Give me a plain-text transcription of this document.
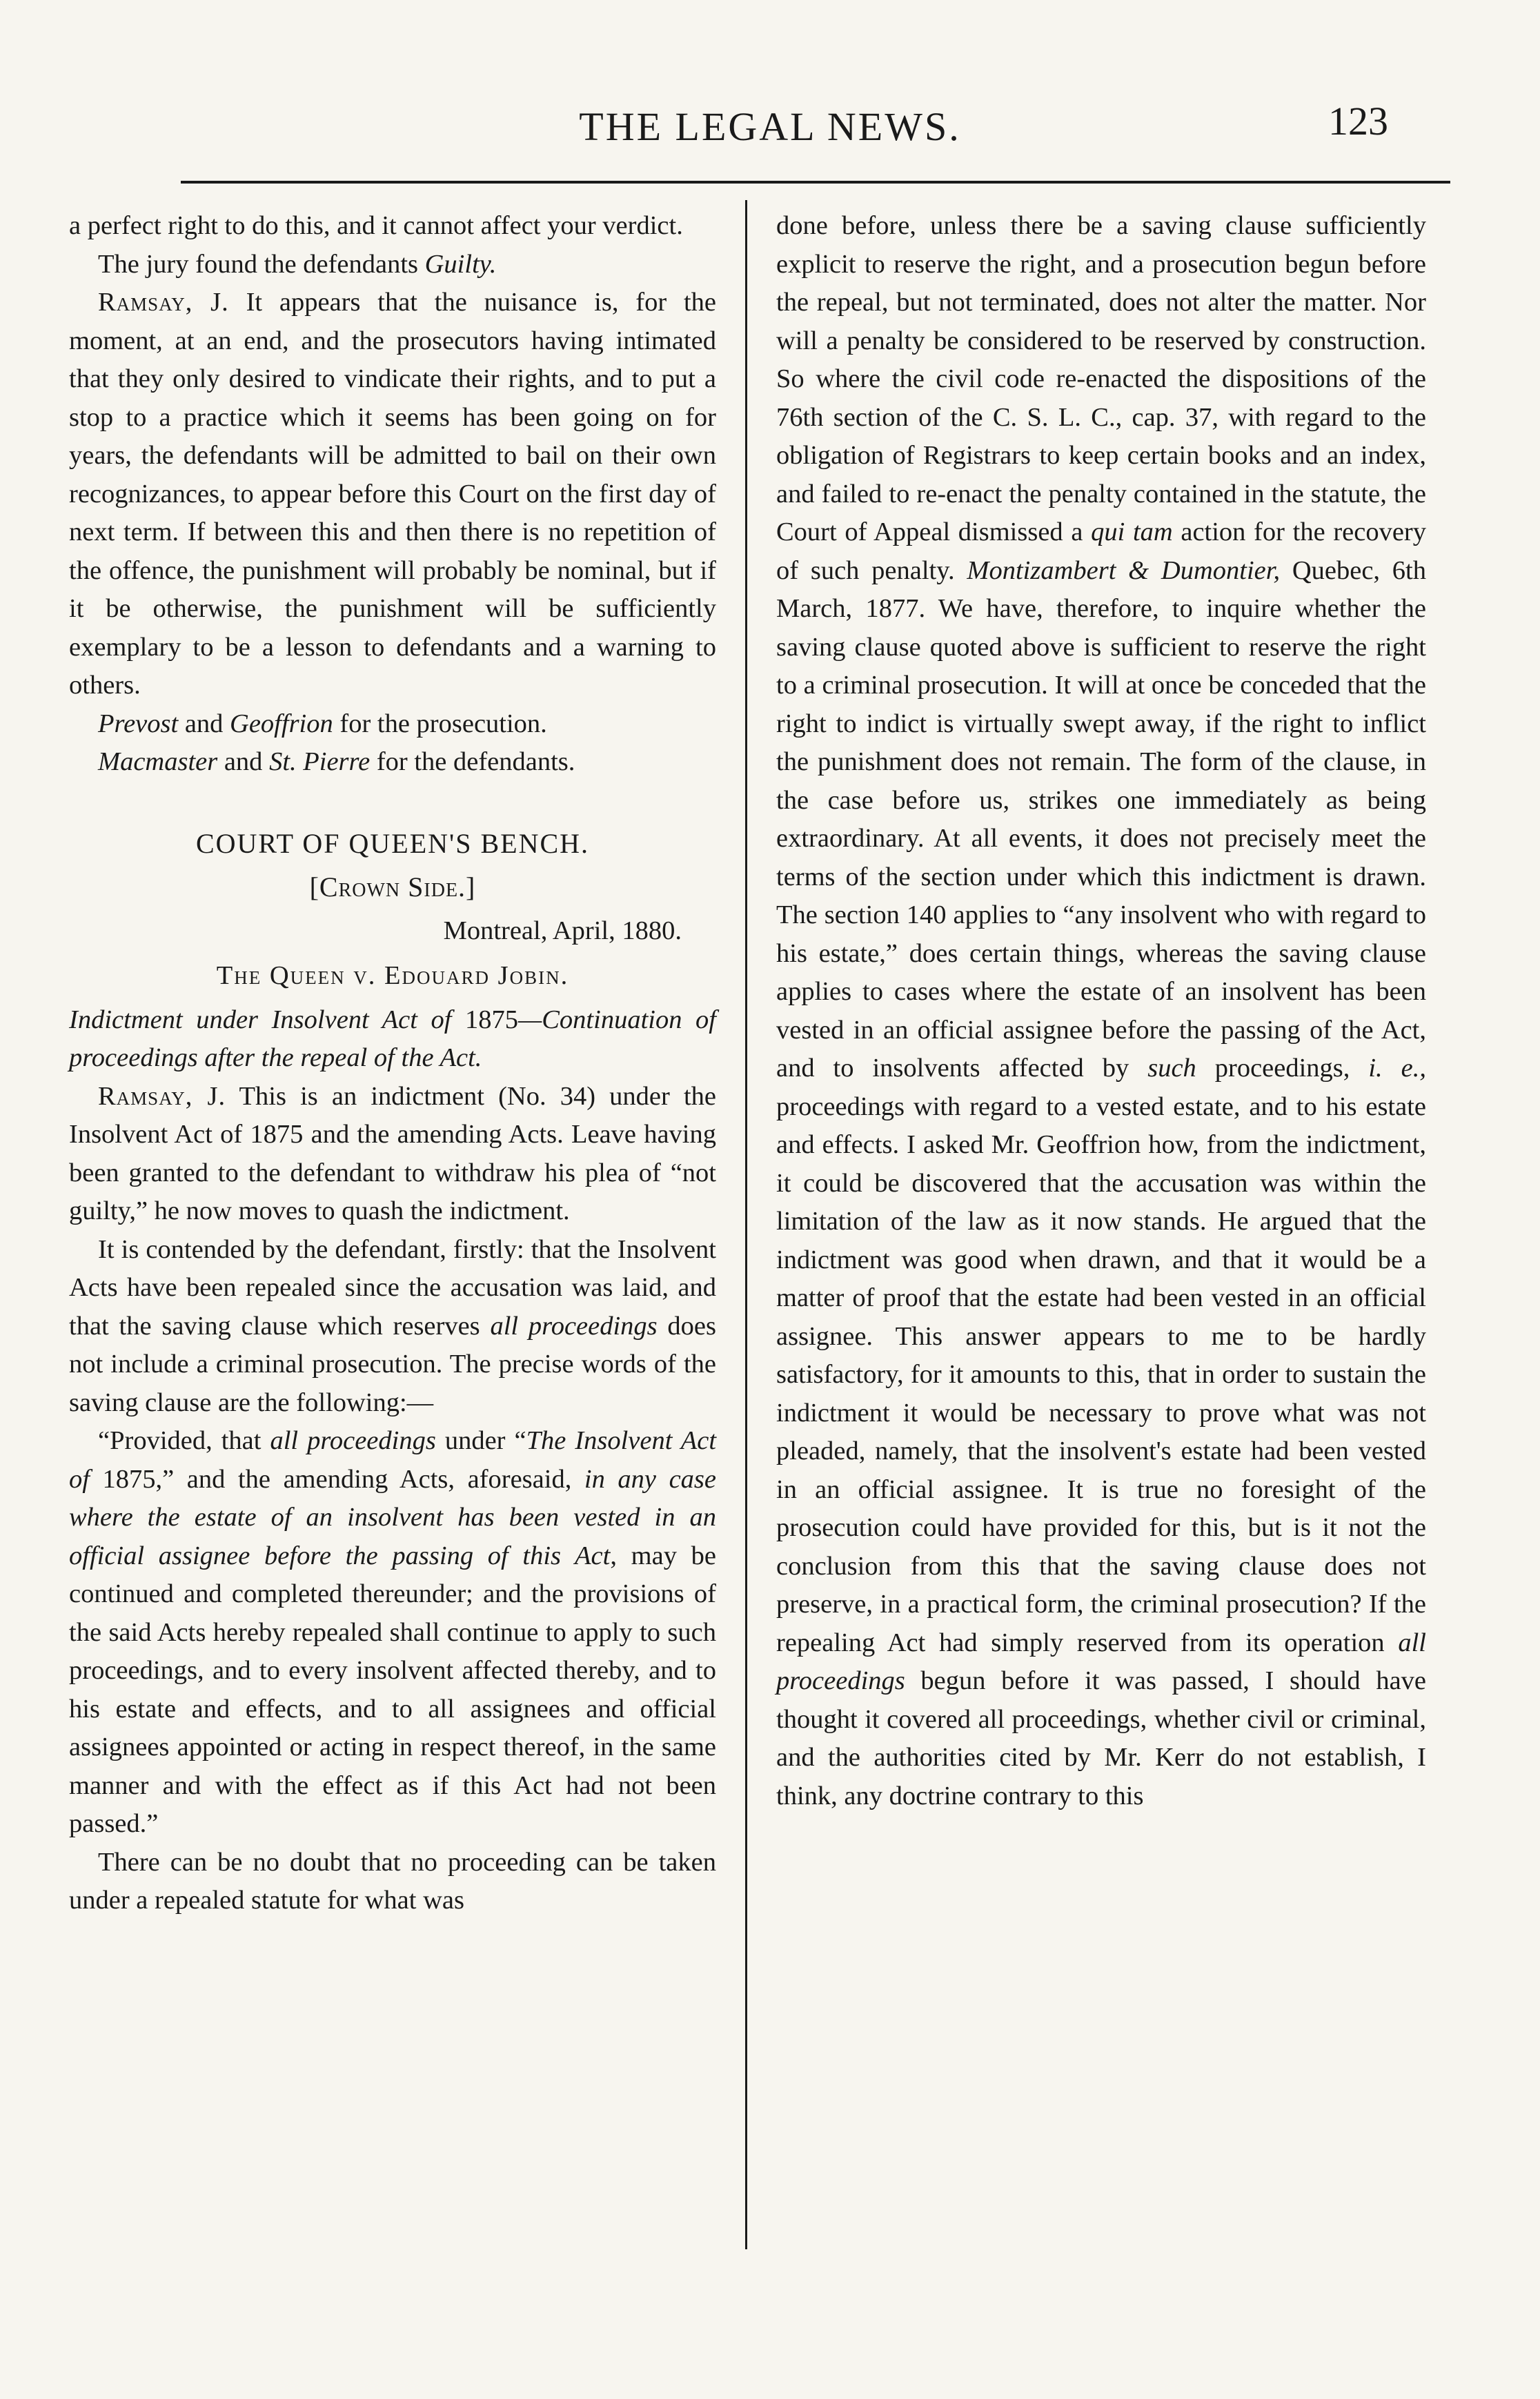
THE LEGAL NEWS.	123

a perfect right to do this, and it cannot affect your verdict.

The jury found the defendants Guilty.

Ramsay, J. It appears that the nuisance is, for the moment, at an end, and the prosecutors having intimated that they only desired to vindicate their rights, and to put a stop to a practice which it seems has been going on for years, the defendants will be admitted to bail on their own recognizances, to appear before this Court on the first day of next term. If between this and then there is no repetition of the offence, the punishment will probably be nominal, but if it be otherwise, the punishment will be sufficiently exemplary to be a lesson to defendants and a warning to others.

Prevost and Geoffrion for the prosecution.

Macmaster and St. Pierre for the defendants.

COURT OF QUEEN'S BENCH.
[Crown Side.]
Montreal, April, 1880.
The Queen v. Edouard Jobin.

Indictment under Insolvent Act of 1875—Continuation of proceedings after the repeal of the Act.

Ramsay, J. This is an indictment (No. 34) under the Insolvent Act of 1875 and the amending Acts. Leave having been granted to the defendant to withdraw his plea of “not guilty,” he now moves to quash the indictment.

It is contended by the defendant, firstly: that the Insolvent Acts have been repealed since the accusation was laid, and that the saving clause which reserves all proceedings does not include a criminal prosecution. The precise words of the saving clause are the following:—

“Provided, that all proceedings under “The Insolvent Act of 1875,” and the amending Acts, aforesaid, in any case where the estate of an insolvent has been vested in an official assignee before the passing of this Act, may be continued and completed thereunder; and the provisions of the said Acts hereby repealed shall continue to apply to such proceedings, and to every insolvent affected thereby, and to his estate and effects, and to all assignees and official assignees appointed or acting in respect thereof, in the same manner and with the effect as if this Act had not been passed.”

There can be no doubt that no proceeding can be taken under a repealed statute for what was

done before, unless there be a saving clause sufficiently explicit to reserve the right, and a prosecution begun before the repeal, but not terminated, does not alter the matter. Nor will a penalty be considered to be reserved by construction. So where the civil code re-enacted the dispositions of the 76th section of the C. S. L. C., cap. 37, with regard to the obligation of Registrars to keep certain books and an index, and failed to re-enact the penalty contained in the statute, the Court of Appeal dismissed a qui tam action for the recovery of such penalty. Montizambert & Dumontier, Quebec, 6th March, 1877. We have, therefore, to inquire whether the saving clause quoted above is sufficient to reserve the right to a criminal prosecution. It will at once be conceded that the right to indict is virtually swept away, if the right to inflict the punishment does not remain. The form of the clause, in the case before us, strikes one immediately as being extraordinary. At all events, it does not precisely meet the terms of the section under which this indictment is drawn. The section 140 applies to “any insolvent who with regard to his estate,” does certain things, whereas the saving clause applies to cases where the estate of an insolvent has been vested in an official assignee before the passing of the Act, and to insolvents affected by such proceedings, i. e., proceedings with regard to a vested estate, and to his estate and effects. I asked Mr. Geoffrion how, from the indictment, it could be discovered that the accusation was within the limitation of the law as it now stands. He argued that the indictment was good when drawn, and that it would be a matter of proof that the estate had been vested in an official assignee. This answer appears to me to be hardly satisfactory, for it amounts to this, that in order to sustain the indictment it would be necessary to prove what was not pleaded, namely, that the insolvent's estate had been vested in an official assignee. It is true no foresight of the prosecution could have provided for this, but is it not the conclusion from this that the saving clause does not preserve, in a practical form, the criminal prosecution? If the repealing Act had simply reserved from its operation all proceedings begun before it was passed, I should have thought it covered all proceedings, whether civil or criminal, and the authorities cited by Mr. Kerr do not establish, I think, any doctrine contrary to this
